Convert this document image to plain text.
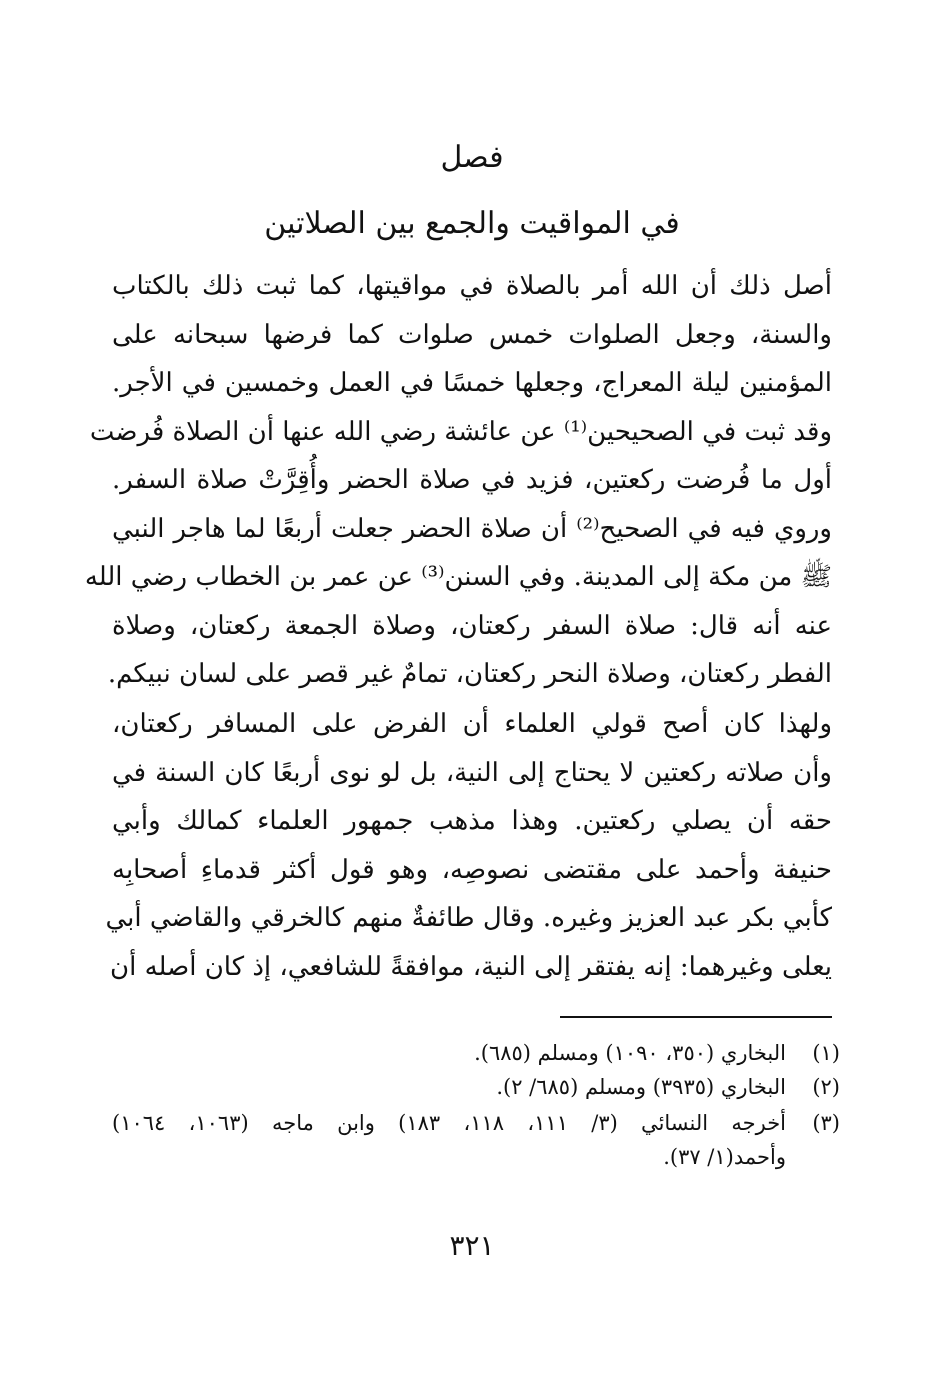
فصل
في المواقيت والجمع بين الصلاتين
أصل ذلك أن الله أمر بالصلاة في مواقيتها، كما ثبت ذلك بالكتاب
والسنة، وجعل الصلوات خمس صلوات كما فرضها سبحانه على
المؤمنين ليلة المعراج، وجعلها خمسًا في العمل وخمسين في الأجر.
وقد ثبت في الصحيحين⁽¹⁾ عن عائشة رضي الله عنها أن الصلاة فُرضت
أول ما فُرضت ركعتين، فزيد في صلاة الحضر وأُقِرَّتْ صلاة السفر.
وروي فيه في الصحيح⁽²⁾ أن صلاة الحضر جعلت أربعًا لما هاجر النبي
ﷺ من مكة إلى المدينة. وفي السنن⁽³⁾ عن عمر بن الخطاب رضي الله
عنه أنه قال: صلاة السفر ركعتان، وصلاة الجمعة ركعتان، وصلاة
الفطر ركعتان، وصلاة النحر ركعتان، تمامٌ غير قصر على لسان نبيكم.
ولهذا كان أصح قولي العلماء أن الفرض على المسافر ركعتان،
وأن صلاته ركعتين لا يحتاج إلى النية، بل لو نوى أربعًا كان السنة في
حقه أن يصلي ركعتين. وهذا مذهب جمهور العلماء كمالك وأبي
حنيفة وأحمد على مقتضى نصوصِه، وهو قول أكثر قدماءِ أصحابِه
كأبي بكر عبد العزيز وغيره. وقال طائفةٌ منهم كالخرقي والقاضي أبي
يعلى وغيرهما: إنه يفتقر إلى النية، موافقةً للشافعي، إذ كان أصله أن
(١)
البخاري (٣٥٠، ١٠٩٠) ومسلم (٦٨٥).
(٢)
البخاري (٣٩٣٥) ومسلم (٦٨٥/ ٢).
(٣)
أخرجه النسائي (٣/ ١١١، ١١٨، ١٨٣) وابن ماجه (١٠٦٣، ١٠٦٤)
وأحمد(١/ ٣٧).
٣٢١
